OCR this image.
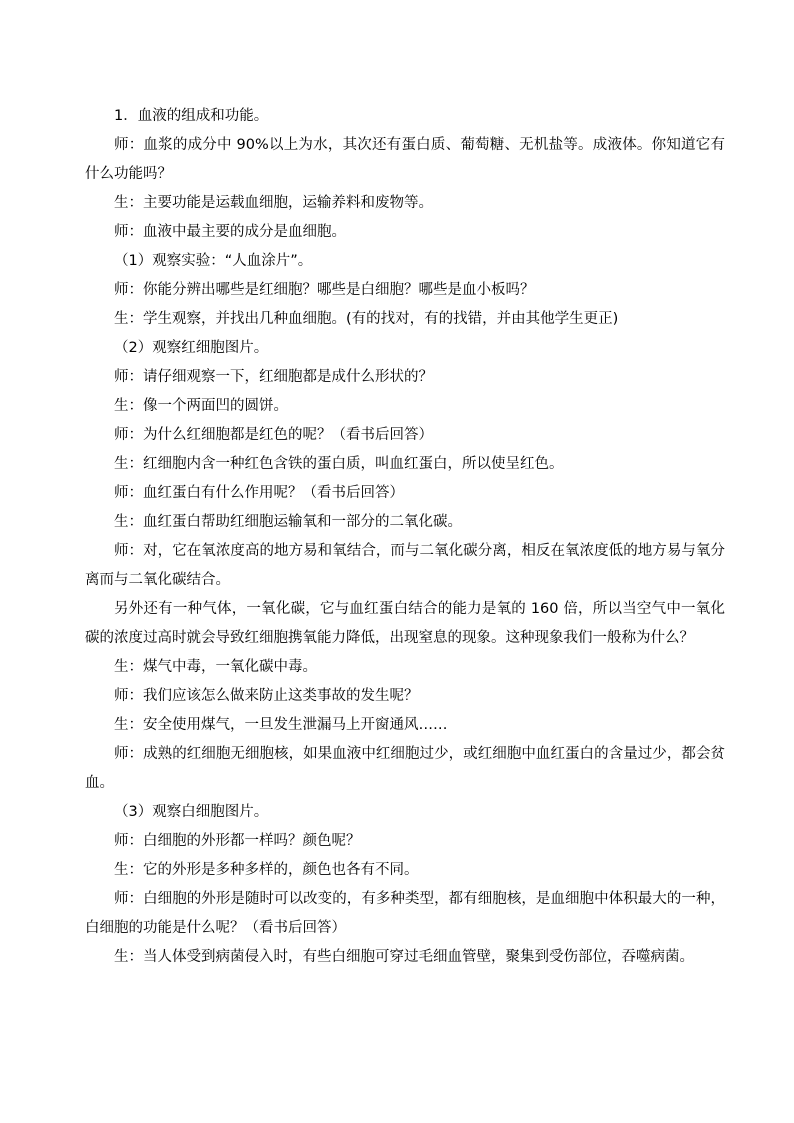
1．血液的组成和功能。

师：血浆的成分中 90%以上为水，其次还有蛋白质、葡萄糖、无机盐等。成液体。你知道它有什么功能吗？

生：主要功能是运载血细胞，运输养料和废物等。

师：血液中最主要的成分是血细胞。

（1）观察实验：“人血涂片”。

师：你能分辨出哪些是红细胞？哪些是白细胞？哪些是血小板吗？

生：学生观察，并找出几种血细胞。(有的找对，有的找错，并由其他学生更正)

（2）观察红细胞图片。

师：请仔细观察一下，红细胞都是成什么形状的？

生：像一个两面凹的圆饼。

师：为什么红细胞都是红色的呢？（看书后回答）

生：红细胞内含一种红色含铁的蛋白质，叫血红蛋白，所以使呈红色。

师：血红蛋白有什么作用呢？（看书后回答）

生：血红蛋白帮助红细胞运输氧和一部分的二氧化碳。

师：对，它在氧浓度高的地方易和氧结合，而与二氧化碳分离，相反在氧浓度低的地方易与氧分离而与二氧化碳结合。

另外还有一种气体，一氧化碳，它与血红蛋白结合的能力是氧的 160 倍，所以当空气中一氧化碳的浓度过高时就会导致红细胞携氧能力降低，出现窒息的现象。这种现象我们一般称为什么？

生：煤气中毒，一氧化碳中毒。

师：我们应该怎么做来防止这类事故的发生呢？

生：安全使用煤气，一旦发生泄漏马上开窗通风……

师：成熟的红细胞无细胞核，如果血液中红细胞过少，或红细胞中血红蛋白的含量过少，都会贫血。

（3）观察白细胞图片。

师：白细胞的外形都一样吗？颜色呢？

生：它的外形是多种多样的，颜色也各有不同。

师：白细胞的外形是随时可以改变的，有多种类型，都有细胞核，是血细胞中体积最大的一种，白细胞的功能是什么呢？（看书后回答）

生：当人体受到病菌侵入时，有些白细胞可穿过毛细血管壁，聚集到受伤部位，吞噬病菌。
